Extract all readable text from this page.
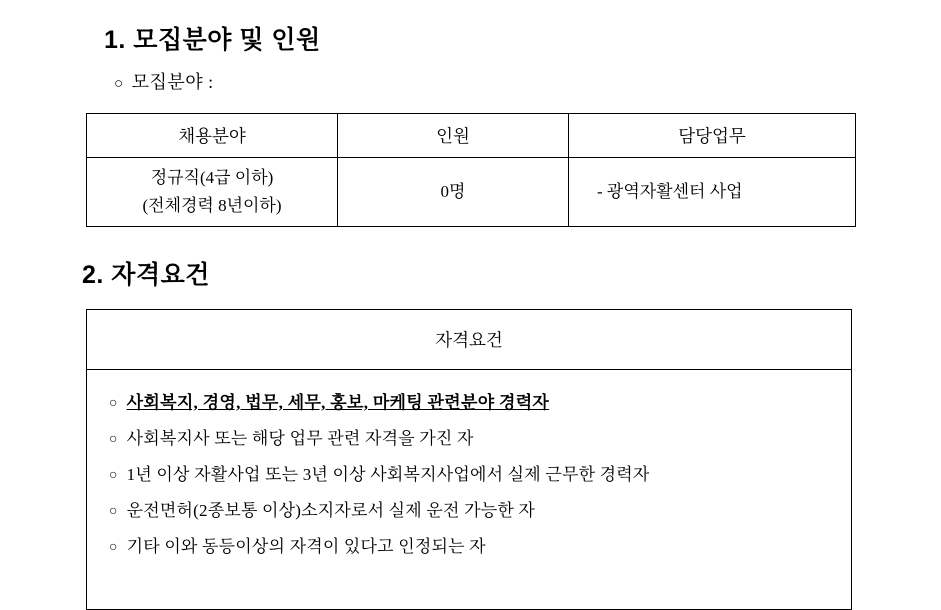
1. 모집분야 및 인원
○ 모집분야 :
채용분야	인원	담당업무

정규직(4급 이하)
(전체경력 8년이하)	0명	- 광역자활센터 사업
2. 자격요건
자격요건

○ 사회복지, 경영, 법무, 세무, 홍보, 마케팅 관련분야 경력자
○ 사회복지사 또는 해당 업무 관련 자격을 가진 자
○ 1년 이상 자활사업 또는 3년 이상 사회복지사업에서 실제 근무한 경력자
○ 운전면허(2종보통 이상)소지자로서 실제 운전 가능한 자
○ 기타 이와 동등이상의 자격이 있다고 인정되는 자
